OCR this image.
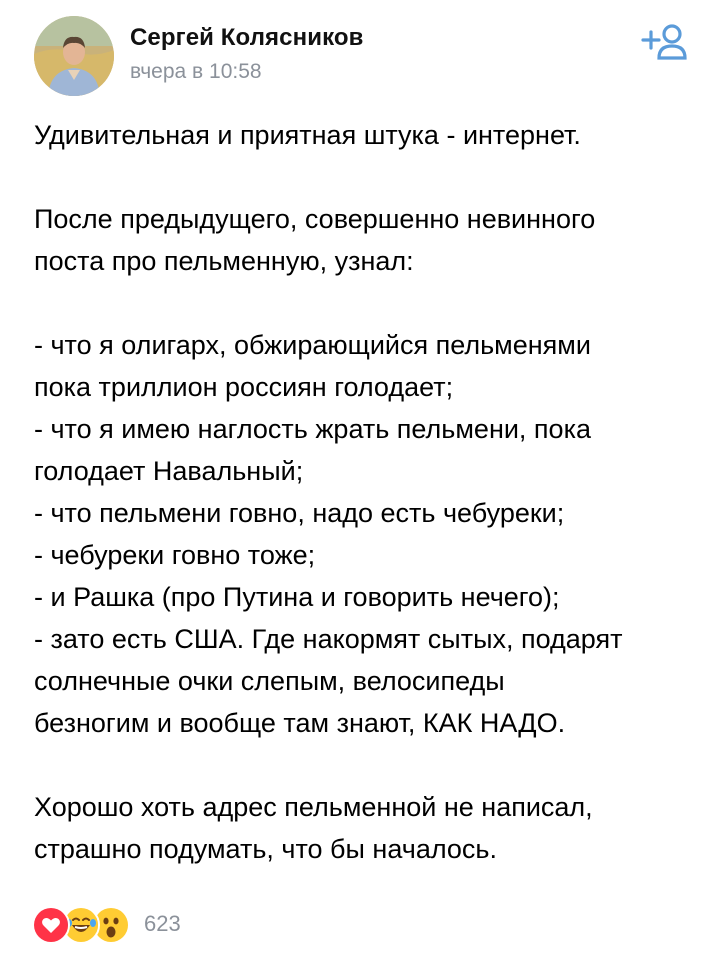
Сергей Колясников
вчера в 10:58
Удивительная и приятная штука - интернет.
После предыдущего, совершенно невинного
поста про пельменную, узнал:
- что я олигарх, обжирающийся пельменями
пока триллион россиян голодает;
- что я имею наглость жрать пельмени, пока
голодает Навальный;
- что пельмени говно, надо есть чебуреки;
- чебуреки говно тоже;
- и Рашка (про Путина и говорить нечего);
- зато есть США. Где накормят сытых, подарят
солнечные очки слепым, велосипеды
безногим и вообще там знают, КАК НАДО.
Хорошо хоть адрес пельменной не написал,
страшно подумать, что бы началось.
623
